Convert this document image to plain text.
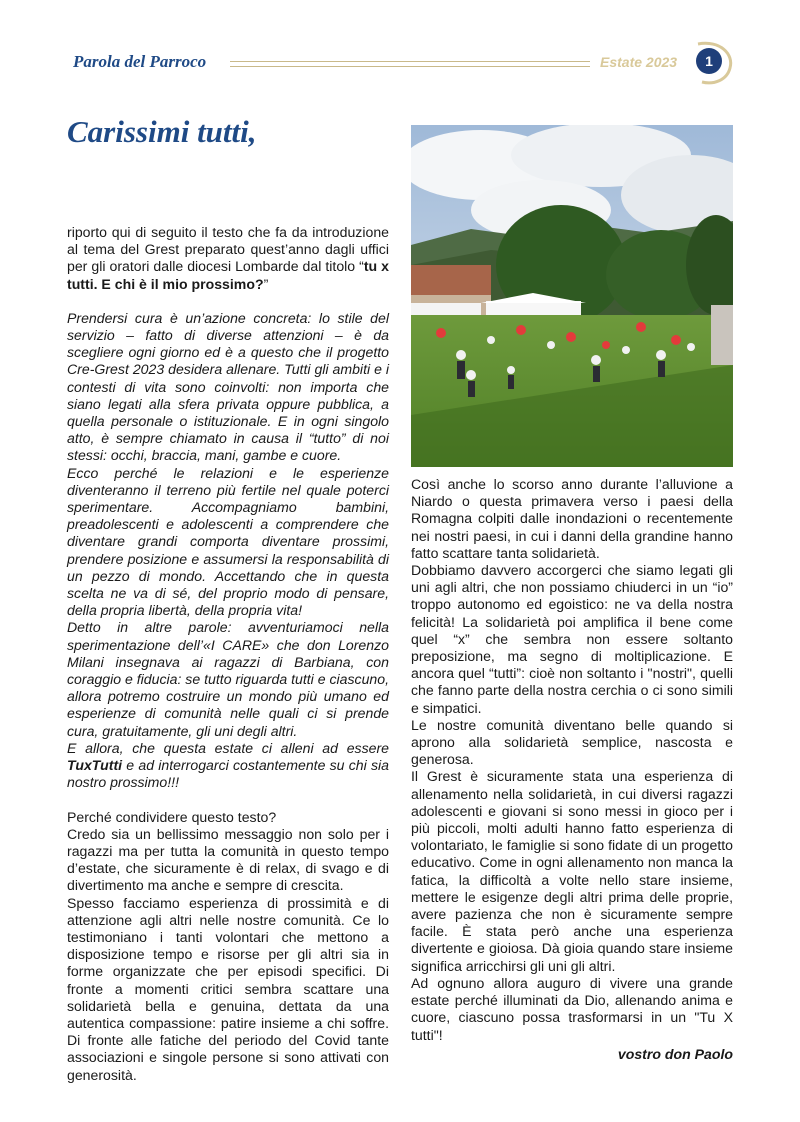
Parola del Parroco	Estate 2023	1
Carissimi tutti,

riporto qui di seguito il testo che fa da introduzione al tema del Grest preparato quest’anno dagli uffici per gli oratori dalle diocesi Lombarde dal titolo “tu x tutti. E chi è il mio prossimo?”

Prendersi cura è un’azione concreta: lo stile del servizio – fatto di diverse attenzioni – è da scegliere ogni giorno ed è a questo che il progetto Cre-Grest 2023 desidera allenare. Tutti gli ambiti e i contesti di vita sono coinvolti: non importa che siano legati alla sfera privata oppure pubblica, a quella personale o istituzionale. E in ogni singolo atto, è sempre chiamato in causa il “tutto” di noi stessi: occhi, braccia, mani, gambe e cuore.

Ecco perché le relazioni e le esperienze diventeranno il terreno più fertile nel quale poterci sperimentare. Accompagniamo bambini, preadolescenti e adolescenti a comprendere che diventare grandi comporta diventare prossimi, prendere posizione e assumersi la responsabilità di un pezzo di mondo. Accettando che in questa scelta ne va di sé, del proprio modo di pensare, della propria libertà, della propria vita!

Detto in altre parole: avventuriamoci nella sperimentazione dell’«I CARE» che don Lorenzo Milani insegnava ai ragazzi di Barbiana, con coraggio e fiducia: se tutto riguarda tutti e ciascuno, allora potremo costruire un mondo più umano ed esperienze di comunità nelle quali ci si prende cura, gratuitamente, gli uni degli altri.

E allora, che questa estate ci alleni ad essere TuxTutti e ad interrogarci costantemente su chi sia nostro prossimo!!!

Perché condividere questo testo?

Credo sia un bellissimo messaggio non solo per i ragazzi ma per tutta la comunità in questo tempo d’estate, che sicuramente è di relax, di svago e di divertimento ma anche e sempre di crescita.

Spesso facciamo esperienza di prossimità e di attenzione agli altri nelle nostre comunità. Ce lo testimoniano i tanti volontari che mettono a disposizione tempo e risorse per gli altri sia in forme organizzate che per episodi specifici. Di fronte a momenti critici sembra scattare una solidarietà bella e genuina, dettata da una autentica compassione: patire insieme a chi soffre. Di fronte alle fatiche del periodo del Covid tante associazioni e singole persone si sono attivati con generosità.

Così anche lo scorso anno durante l’alluvione a Niardo o questa primavera verso i paesi della Romagna colpiti dalle inondazioni o recentemente nei nostri paesi, in cui i danni della grandine hanno fatto scattare tanta solidarietà.

Dobbiamo davvero accorgerci che siamo legati gli uni agli altri, che non possiamo chiuderci in un “io” troppo autonomo ed egoistico: ne va della nostra felicità! La solidarietà poi amplifica il bene come quel “x” che sembra non essere soltanto preposizione, ma segno di moltiplicazione. E ancora quel “tutti”: cioè non soltanto i "nostri", quelli che fanno parte della nostra cerchia o ci sono simili e simpatici.

Le nostre comunità diventano belle quando si aprono alla solidarietà semplice, nascosta e generosa.

Il Grest è sicuramente stata una esperienza di allenamento nella solidarietà, in cui diversi ragazzi adolescenti e giovani si sono messi in gioco per i più piccoli, molti adulti hanno fatto esperienza di volontariato, le famiglie si sono fidate di un progetto educativo. Come in ogni allenamento non manca la fatica, la difficoltà a volte nello stare insieme, mettere le esigenze degli altri prima delle proprie, avere pazienza che non è sicuramente sempre facile. È stata però anche una esperienza divertente e gioiosa. Dà gioia quando stare insieme significa arricchirsi gli uni gli altri.

Ad ognuno allora auguro di vivere una grande estate perché illuminati da Dio, allenando anima e cuore, ciascuno possa trasformarsi in un "Tu X tutti"!

vostro don Paolo
